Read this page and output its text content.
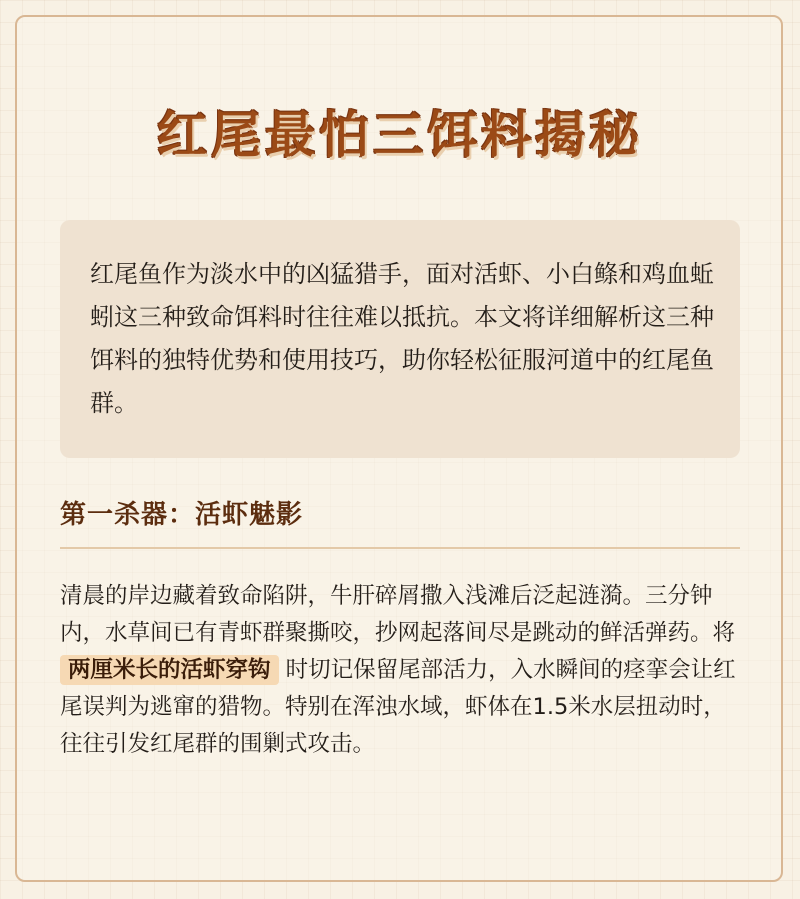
红尾最怕三饵料揭秘

红尾鱼作为淡水中的凶猛猎手，面对活虾、小白鲦和鸡血蚯蚓这三种致命饵料时往往难以抵抗。本文将详细解析这三种饵料的独特优势和使用技巧，助你轻松征服河道中的红尾鱼群。

第一杀器：活虾魅影

清晨的岸边藏着致命陷阱，牛肝碎屑撒入浅滩后泛起涟漪。三分钟内，水草间已有青虾群聚撕咬，抄网起落间尽是跳动的鲜活弹药。将 两厘米长的活虾穿钩 时切记保留尾部活力，入水瞬间的痉挛会让红尾误判为逃窜的猎物。特别在浑浊水域，虾体在1.5米水层扭动时，往往引发红尾群的围剿式攻击。
